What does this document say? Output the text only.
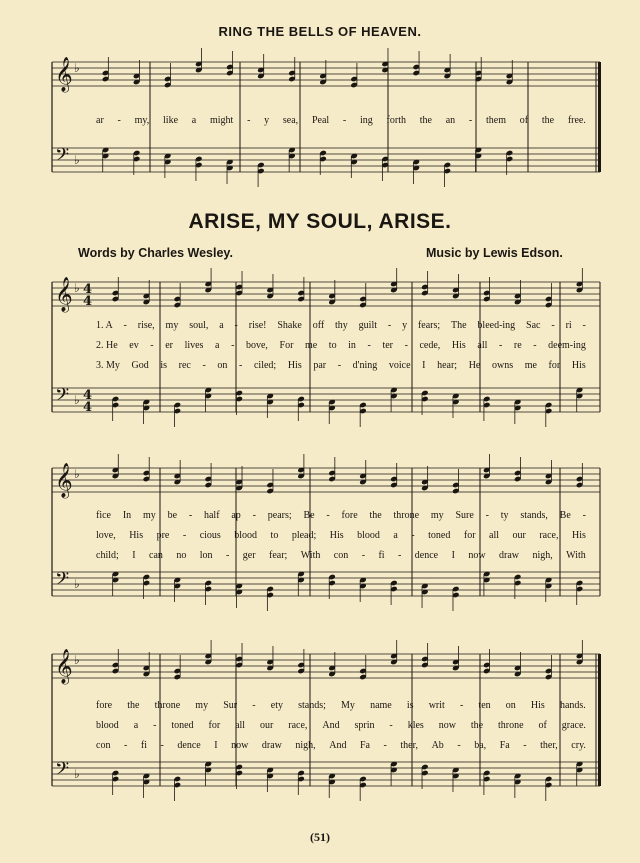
RING THE BELLS OF HEAVEN.
𝄞 ♭
𝄢 ♭
𝄞 ♭ 4
4
𝄢 ♭ 4
4
𝄞 ♭
𝄢 ♭
𝄞 ♭
𝄢 ♭
ar - my, like a might - y sea, Peal - ing forth the an - them of the free.
ARISE, MY SOUL, ARISE.
Words by Charles Wesley.	Music by Lewis Edson.
1. A - rise, my soul, a - rise! Shake off thy guilt - y fears; The bleed-ing Sac - ri -
2. He ev - er lives a - bove, For me to in - ter - cede, His all - re - deem-ing
3. My God is rec - on - ciled; His par - d'ning voice I hear; He owns me for His
fice In my be - half ap - pears; Be - fore the throne my Sure - ty stands, Be -
love, His pre - cious blood to plead; His blood a - toned for all our race, His
child; I can no lon - ger fear; With con - fi - dence I now draw nigh, With
fore the throne my Sur - ety stands; My name is writ - ten on His hands.
blood a - toned for all our race, And sprin - kles now the throne of grace.
con - fi - dence I now draw nigh, And Fa - ther, Ab - ba, Fa - ther, cry.
(51)
